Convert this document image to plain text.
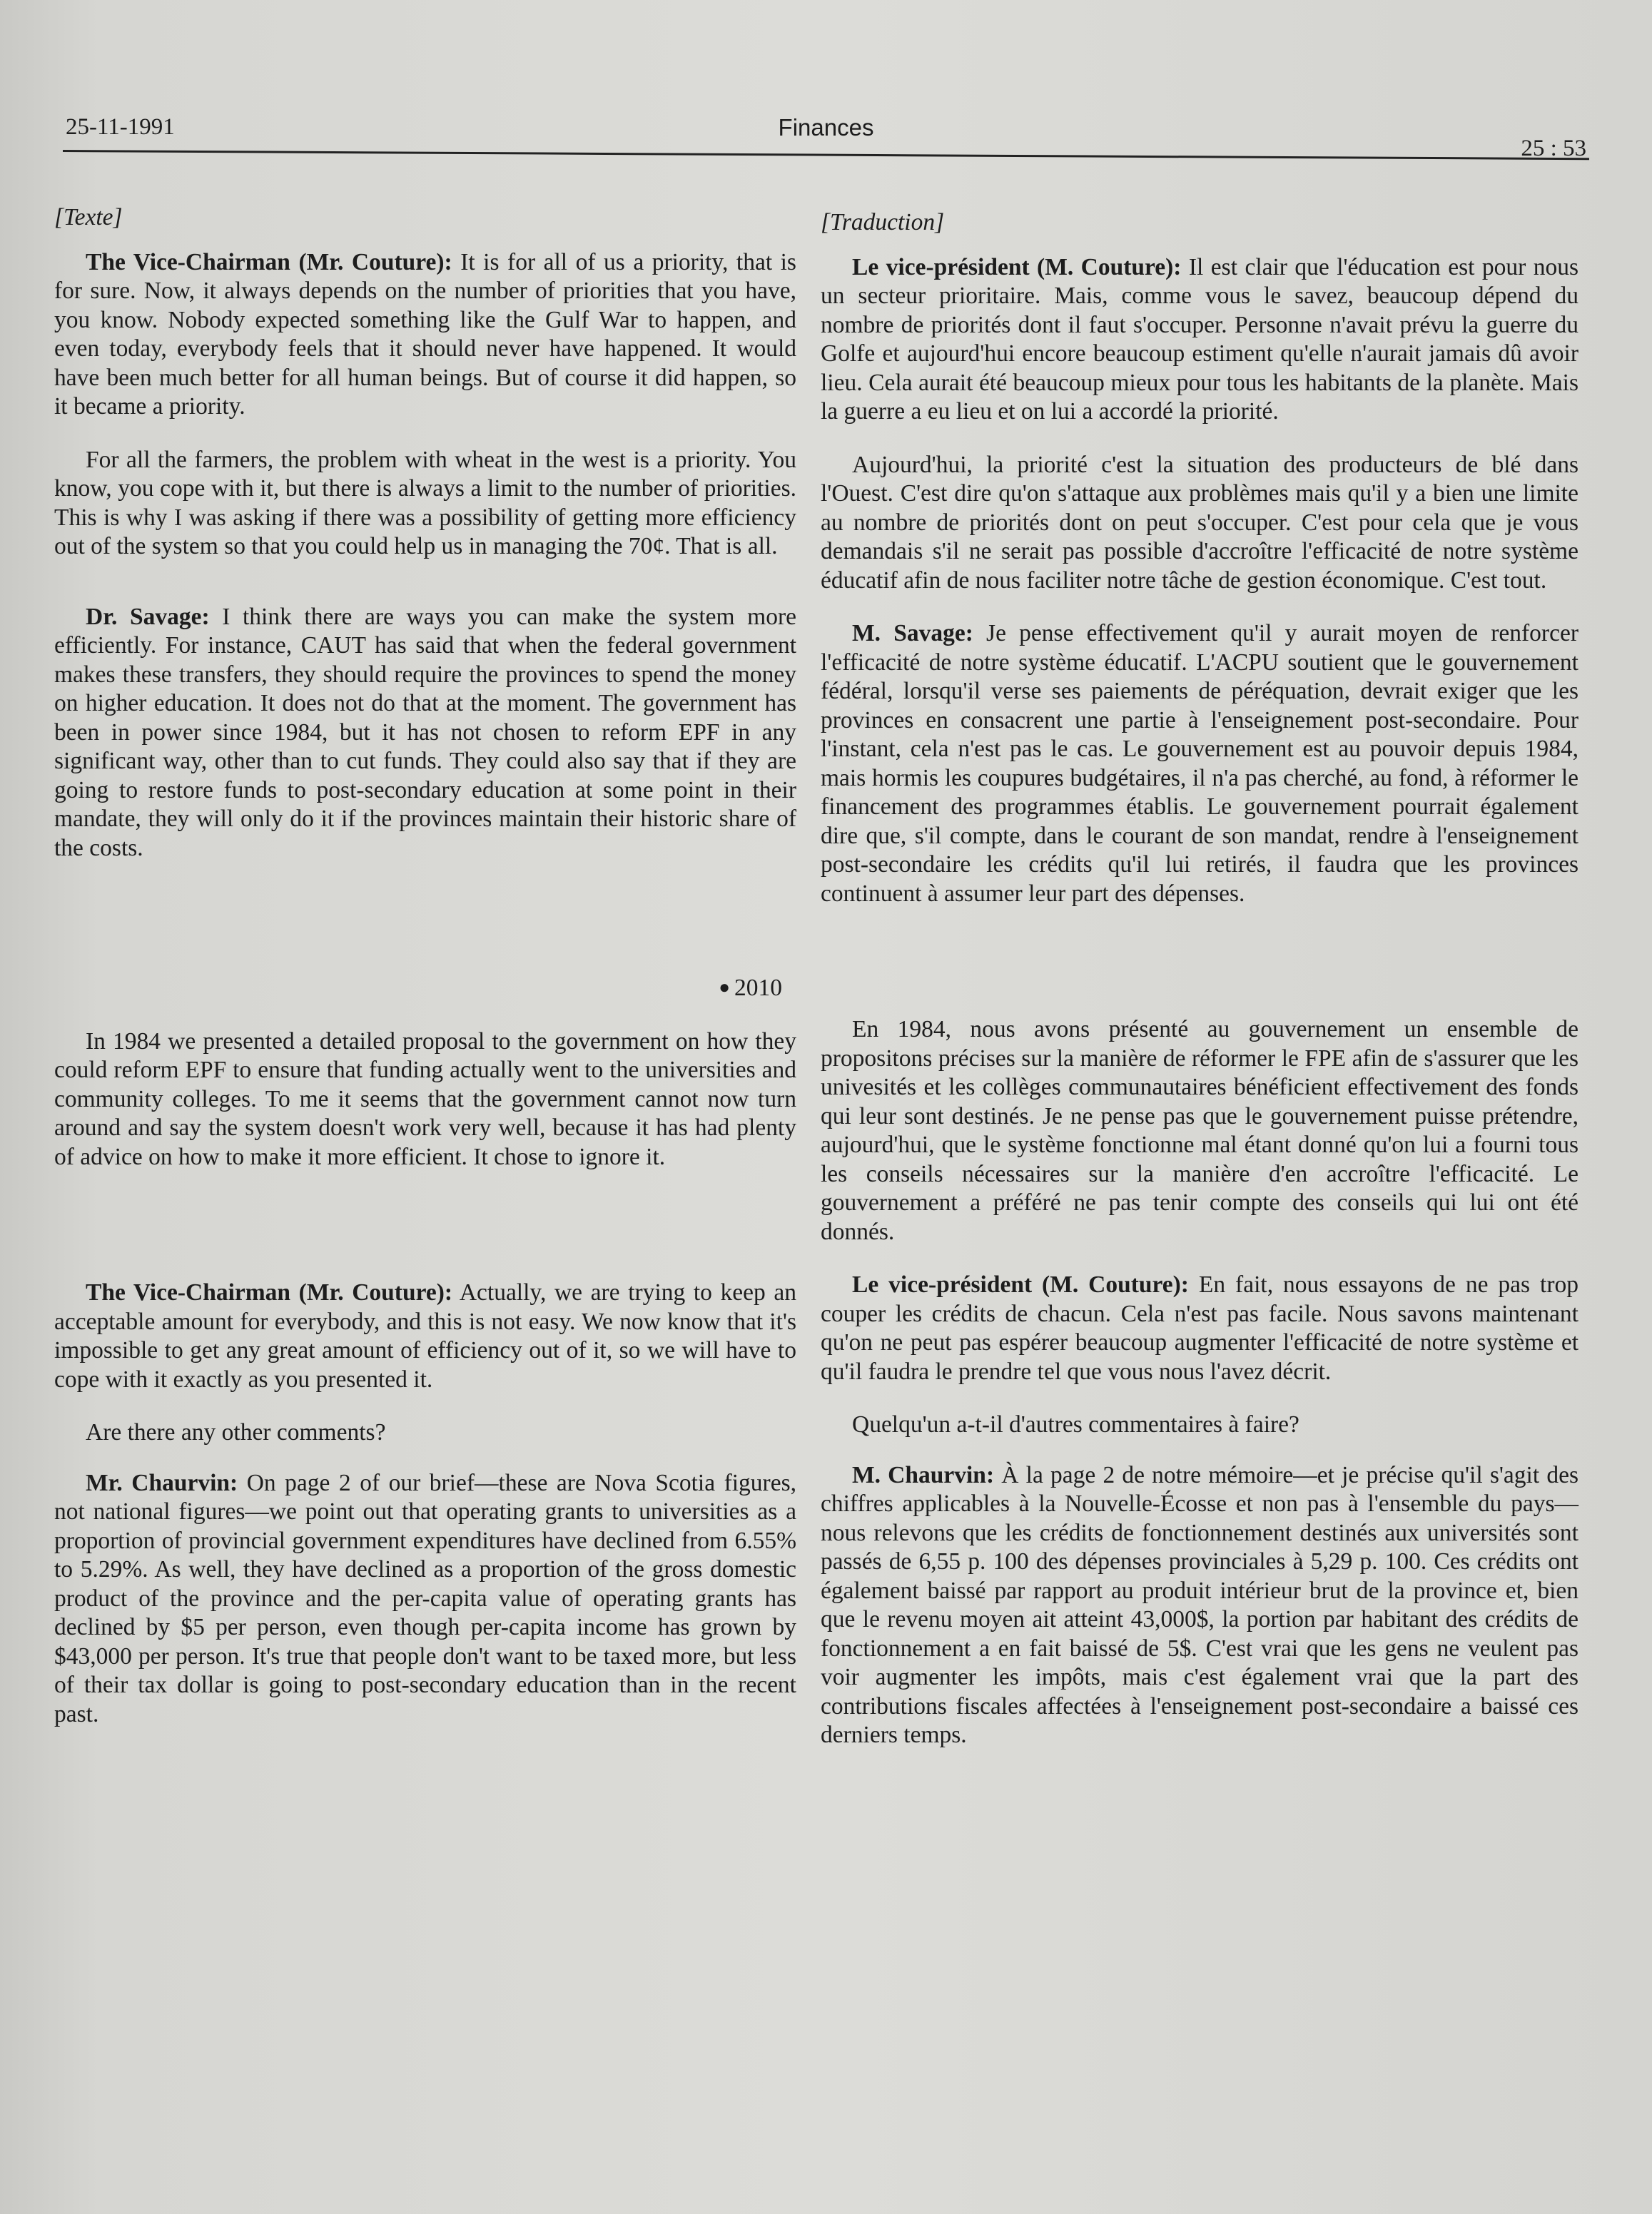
25-11-1991	Finances
25 : 53

[Texte]

The Vice-Chairman (Mr. Couture): It is for all of us a priority, that is for sure. Now, it always depends on the number of priorities that you have, you know. Nobody expected something like the Gulf War to happen, and even today, everybody feels that it should never have happened. It would have been much better for all human beings. But of course it did happen, so it became a priority.

For all the farmers, the problem with wheat in the west is a priority. You know, you cope with it, but there is always a limit to the number of priorities. This is why I was asking if there was a possibility of getting more efficiency out of the system so that you could help us in managing the 70¢. That is all.

Dr. Savage: I think there are ways you can make the system more efficiently. For instance, CAUT has said that when the federal government makes these transfers, they should require the provinces to spend the money on higher education. It does not do that at the moment. The government has been in power since 1984, but it has not chosen to reform EPF in any significant way, other than to cut funds. They could also say that if they are going to restore funds to post-secondary education at some point in their mandate, they will only do it if the provinces maintain their historic share of the costs.

● 2010

In 1984 we presented a detailed proposal to the government on how they could reform EPF to ensure that funding actually went to the universities and community colleges. To me it seems that the government cannot now turn around and say the system doesn't work very well, because it has had plenty of advice on how to make it more efficient. It chose to ignore it.

The Vice-Chairman (Mr. Couture): Actually, we are trying to keep an acceptable amount for everybody, and this is not easy. We now know that it's impossible to get any great amount of efficiency out of it, so we will have to cope with it exactly as you presented it.

Are there any other comments?

Mr. Chaurvin: On page 2 of our brief—these are Nova Scotia figures, not national figures—we point out that operating grants to universities as a proportion of provincial government expenditures have declined from 6.55% to 5.29%. As well, they have declined as a proportion of the gross domestic product of the province and the per-capita value of operating grants has declined by $5 per person, even though per-capita income has grown by $43,000 per person. It's true that people don't want to be taxed more, but less of their tax dollar is going to post-secondary education than in the recent past.

[Traduction]

Le vice-président (M. Couture): Il est clair que l'éducation est pour nous un secteur prioritaire. Mais, comme vous le savez, beaucoup dépend du nombre de priorités dont il faut s'occuper. Personne n'avait prévu la guerre du Golfe et aujourd'hui encore beaucoup estiment qu'elle n'aurait jamais dû avoir lieu. Cela aurait été beaucoup mieux pour tous les habitants de la planète. Mais la guerre a eu lieu et on lui a accordé la priorité.

Aujourd'hui, la priorité c'est la situation des producteurs de blé dans l'Ouest. C'est dire qu'on s'attaque aux problèmes mais qu'il y a bien une limite au nombre de priorités dont on peut s'occuper. C'est pour cela que je vous demandais s'il ne serait pas possible d'accroître l'efficacité de notre système éducatif afin de nous faciliter notre tâche de gestion économique. C'est tout.

M. Savage: Je pense effectivement qu'il y aurait moyen de renforcer l'efficacité de notre système éducatif. L'ACPU soutient que le gouvernement fédéral, lorsqu'il verse ses paiements de péréquation, devrait exiger que les provinces en consacrent une partie à l'enseignement post-secondaire. Pour l'instant, cela n'est pas le cas. Le gouvernement est au pouvoir depuis 1984, mais hormis les coupures budgétaires, il n'a pas cherché, au fond, à réformer le financement des programmes établis. Le gouvernement pourrait également dire que, s'il compte, dans le courant de son mandat, rendre à l'enseignement post-secondaire les crédits qu'il lui retirés, il faudra que les provinces continuent à assumer leur part des dépenses.

En 1984, nous avons présenté au gouvernement un ensemble de propositons précises sur la manière de réformer le FPE afin de s'assurer que les univesités et les collèges communautaires bénéficient effectivement des fonds qui leur sont destinés. Je ne pense pas que le gouvernement puisse prétendre, aujourd'hui, que le système fonctionne mal étant donné qu'on lui a fourni tous les conseils nécessaires sur la manière d'en accroître l'efficacité. Le gouvernement a préféré ne pas tenir compte des conseils qui lui ont été donnés.

Le vice-président (M. Couture): En fait, nous essayons de ne pas trop couper les crédits de chacun. Cela n'est pas facile. Nous savons maintenant qu'on ne peut pas espérer beaucoup augmenter l'efficacité de notre système et qu'il faudra le prendre tel que vous nous l'avez décrit.

Quelqu'un a-t-il d'autres commentaires à faire?

M. Chaurvin: À la page 2 de notre mémoire—et je précise qu'il s'agit des chiffres applicables à la Nouvelle-Écosse et non pas à l'ensemble du pays—nous relevons que les crédits de fonctionnement destinés aux universités sont passés de 6,55 p. 100 des dépenses provinciales à 5,29 p. 100. Ces crédits ont également baissé par rapport au produit intérieur brut de la province et, bien que le revenu moyen ait atteint 43,000$, la portion par habitant des crédits de fonctionnement a en fait baissé de 5$. C'est vrai que les gens ne veulent pas voir augmenter les impôts, mais c'est également vrai que la part des contributions fiscales affectées à l'enseignement post-secondaire a baissé ces derniers temps.
